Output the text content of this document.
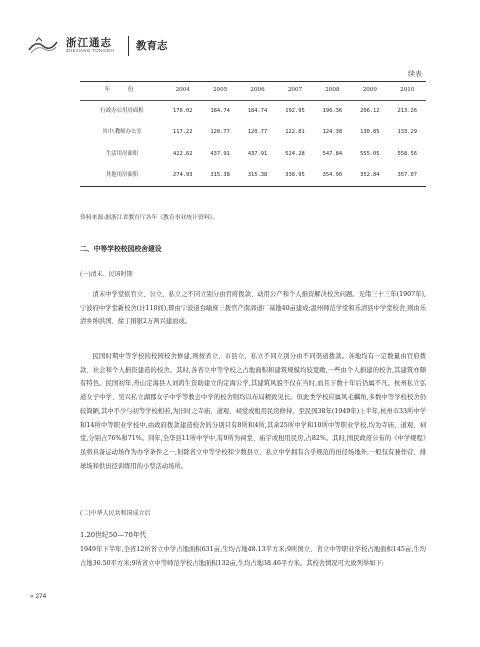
浙江通志
ZHEJIANG TONGZHI 教育志
续表
年　份	2004	2005	2006	2007	2008	2009	2010
行政办公用房面积	176.02	184.74	184.74	192.95	196.36	206.12	213.26
其中:教师办公室	117.22	120.77	120.77	122.81	124.38	130.85	133.29
生活用房面积	422.62	437.91	437.91	524.28	547.84	555.05	558.56
其他用房面积	274.93	315.38	315.38	338.95	354.90	352.84	357.07
资料来源:据浙江省教育厅各年《教育事业统计资料》。
二、中等学校校园校舍建设
(一)清末、民国时期

清末中学堂依官立、公立、私立之不同立别分由官府拨款、动用公产和个人捐资解决校舍问题。光绪三十三年(1907年),宁波府中学堂新校舍(计110间),即由宁波道台喻庶三拨官产南郊道厂基地40亩建成;温州师范学堂和乐清县中学堂校舍,则由乐清乡绅洪国、徐丁捐银2万两兴建而成。

民国时期中等学校的校园校舍修建,则按省立、市县立、私立不同立别分由不同渠道拨款。各地均有一定数量由官府拨款、社会和个人捐资建造的校舍。其时,各省立中等学校之占地面积和建筑规模均较宽敞,一些由个人捐建的校舍,其建筑亦颇有特色。民国初年,舟山定海县人刘鸿生资助建立的定海公学,其建筑风貌不仅在当时,而且下数十年后仍属不凡。杭州私立弘道女子中学、吴兴私立湖郡女子中学等教会中学的校舍则均以布局精致见长。但此类学校应属风毛麟角,多数中等学校校舍仍较简陋,其中不少与初等学校相若,为旧时之寺庙、道观、祠堂或租用民房修持。至民国38年(1949年)上半年,杭州市33所中学和14所中等职业学校中,由政府拨款建造校舍的分别只有8所和4所,其余25所中学和10所中等职业学校,均为寺庙、道观、祠堂,分别占76%和71%。同年,全华县11所中学中,有9所为祠堂、庙宇或租用民房,占82%。其时,国民政府公布的《中学规程》虽将具备运动场作为办学条件之一,但除省立中等学校和少数县立、私立中学拥有合乎规范的田径场地外,一般仅有兼作营、排球场和供田径训练用的小型活动场所。

(二)中华人民共和国成立后
1.20世纪50—70年代

1949年下半年,全省12所省立中学占地面积631亩,生均占地48.13平方米;9所国立、省立中等职业学校占地面积145亩,生均占地36.50平方米;9所省立中等师范学校占地面积132亩,生均占地38.46平方米。其校舍情况可大致列举如下:

» 274
